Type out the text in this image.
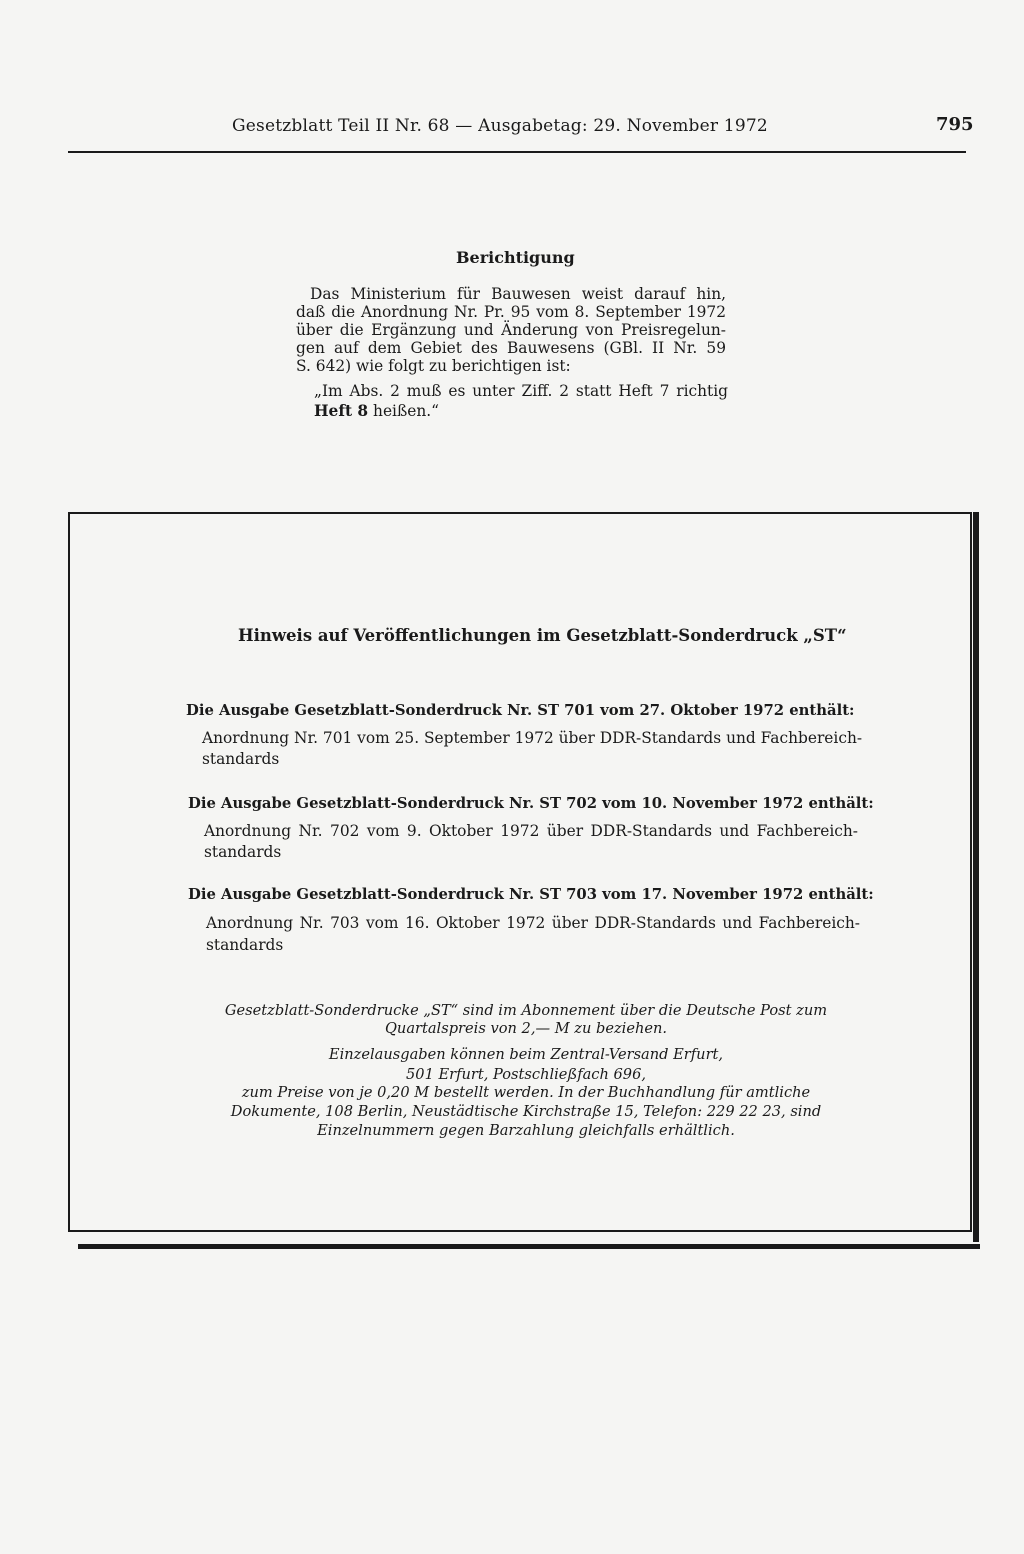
Gesetzblatt Teil II Nr. 68 — Ausgabetag: 29. November 1972	795
Berichtigung
Das Ministerium für Bauwesen weist darauf hin,
daß die Anordnung Nr. Pr. 95 vom 8. September 1972
über die Ergänzung und Änderung von Preisregelun-
gen auf dem Gebiet des Bauwesens (GBl. II Nr. 59
S. 642) wie folgt zu berichtigen ist:
„Im Abs. 2 muß es unter Ziff. 2 statt Heft 7 richtig
Heft 8 heißen.“
Hinweis auf Veröffentlichungen im Gesetzblatt-Sonderdruck „ST“
Die Ausgabe Gesetzblatt-Sonderdruck Nr. ST 701 vom 27. Oktober 1972 enthält:
Anordnung Nr. 701 vom 25. September 1972 über DDR-Standards und Fachbereich-
standards
Die Ausgabe Gesetzblatt-Sonderdruck Nr. ST 702 vom 10. November 1972 enthält:
Anordnung Nr. 702 vom 9. Oktober 1972 über DDR-Standards und Fachbereich-
standards
Die Ausgabe Gesetzblatt-Sonderdruck Nr. ST 703 vom 17. November 1972 enthält:
Anordnung Nr. 703 vom 16. Oktober 1972 über DDR-Standards und Fachbereich-
standards
Gesetzblatt-Sonderdrucke „ST“ sind im Abonnement über die Deutsche Post zum
Quartalspreis von 2,— M zu beziehen.
Einzelausgaben können beim Zentral-Versand Erfurt,
501 Erfurt, Postschließfach 696,
zum Preise von je 0,20 M bestellt werden. In der Buchhandlung für amtliche
Dokumente, 108 Berlin, Neustädtische Kirchstraße 15, Telefon: 229 22 23, sind
Einzelnummern gegen Barzahlung gleichfalls erhältlich.
